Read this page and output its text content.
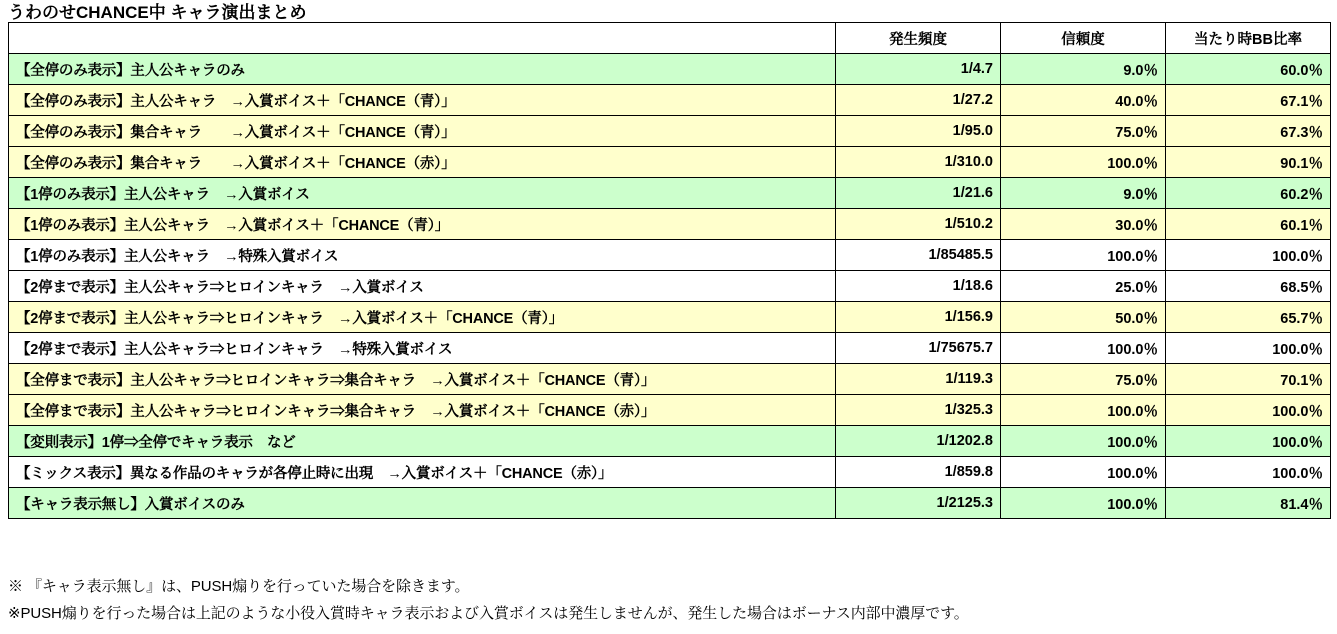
うわのせCHANCE中 キャラ演出まとめ
	発生頻度	信頼度	当たり時BB比率
【全停のみ表示】主人公キャラのみ	1/4.7	9.0％	60.0％
【全停のみ表示】主人公キャラ　→入賞ボイス＋「CHANCE（青）」	1/27.2	40.0％	67.1％
【全停のみ表示】集合キャラ　　→入賞ボイス＋「CHANCE（青）」	1/95.0	75.0％	67.3％
【全停のみ表示】集合キャラ　　→入賞ボイス＋「CHANCE（赤）」	1/310.0	100.0％	90.1％
【1停のみ表示】主人公キャラ　→入賞ボイス	1/21.6	9.0％	60.2％
【1停のみ表示】主人公キャラ　→入賞ボイス＋「CHANCE（青）」	1/510.2	30.0％	60.1％
【1停のみ表示】主人公キャラ　→特殊入賞ボイス	1/85485.5	100.0％	100.0％
【2停まで表示】主人公キャラ⇒ヒロインキャラ　→入賞ボイス	1/18.6	25.0％	68.5％
【2停まで表示】主人公キャラ⇒ヒロインキャラ　→入賞ボイス＋「CHANCE（青）」	1/156.9	50.0％	65.7％
【2停まで表示】主人公キャラ⇒ヒロインキャラ　→特殊入賞ボイス	1/75675.7	100.0％	100.0％
【全停まで表示】主人公キャラ⇒ヒロインキャラ⇒集合キャラ　→入賞ボイス＋「CHANCE（青）」	1/119.3	75.0％	70.1％
【全停まで表示】主人公キャラ⇒ヒロインキャラ⇒集合キャラ　→入賞ボイス＋「CHANCE（赤）」	1/325.3	100.0％	100.0％
【変則表示】1停⇒全停でキャラ表示　など	1/1202.8	100.0％	100.0％
【ミックス表示】異なる作品のキャラが各停止時に出現　→入賞ボイス＋「CHANCE（赤）」	1/859.8	100.0％	100.0％
【キャラ表示無し】入賞ボイスのみ	1/2125.3	100.0％	81.4％
※ 『キャラ表示無し』は、PUSH煽りを行っていた場合を除きます。
※PUSH煽りを行った場合は上記のような小役入賞時キャラ表示および入賞ボイスは発生しませんが、発生した場合はボーナス内部中濃厚です。
